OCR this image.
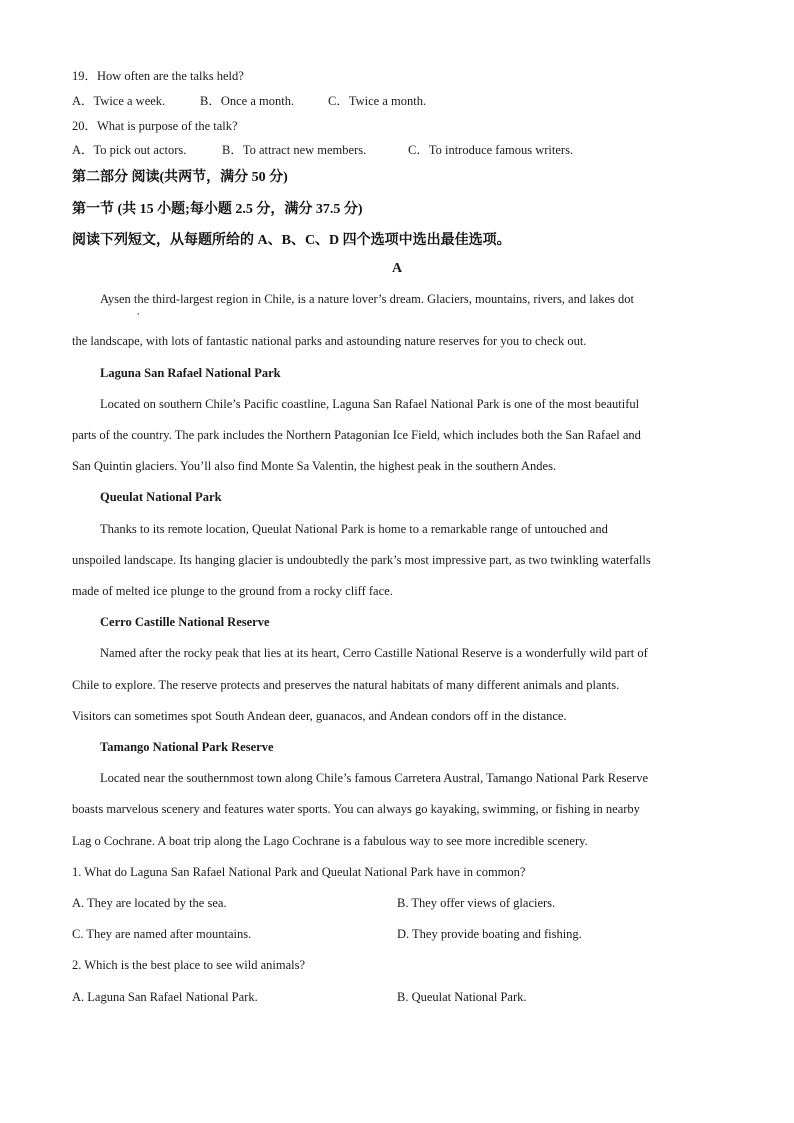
19．How often are the talks held?
A．Twice a week.	B．Once a month.	C．Twice a month.
20．What is purpose of the talk?
A．To pick out actors.	B．To attract new members.	C．To introduce famous writers.
第二部分 阅读(共两节，满分 50 分)
第一节 (共 15 小题;每小题 2.5 分，满分 37.5 分)
阅读下列短文，从每题所给的 A、B、C、D 四个选项中选出最佳选项。
A
Aysen the third-largest region in Chile, is a nature lover’s dream. Glaciers, mountains, rivers, and lakes dot
,
the landscape, with lots of fantastic national parks and astounding nature reserves for you to check out.
Laguna San Rafael National Park
Located on southern Chile’s Pacific coastline, Laguna San Rafael National Park is one of the most beautiful
parts of the country. The park includes the Northern Patagonian Ice Field, which includes both the San Rafael and
San Quintin glaciers. You’ll also find Monte Sa Valentin, the highest peak in the southern Andes.
Queulat National Park
Thanks to its remote location, Queulat National Park is home to a remarkable range of untouched and
unspoiled landscape. Its hanging glacier is undoubtedly the park’s most impressive part, as two twinkling waterfalls
made of melted ice plunge to the ground from a rocky cliff face.
Cerro Castille National Reserve
Named after the rocky peak that lies at its heart, Cerro Castille National Reserve is a wonderfully wild part of
Chile to explore. The reserve protects and preserves the natural habitats of many different animals and plants.
Visitors can sometimes spot South Andean deer, guanacos, and Andean condors off in the distance.
Tamango National Park Reserve
Located near the southernmost town along Chile’s famous Carretera Austral, Tamango National Park Reserve
boasts marvelous scenery and features water sports. You can always go kayaking, swimming, or fishing in nearby
Lag o Cochrane. A boat trip along the Lago Cochrane is a fabulous way to see more incredible scenery.
1. What do Laguna San Rafael National Park and Queulat National Park have in common?
A. They are located by the sea.	B. They offer views of glaciers.
C. They are named after mountains.	D. They provide boating and fishing.
2. Which is the best place to see wild animals?
A. Laguna San Rafael National Park.	B. Queulat National Park.
